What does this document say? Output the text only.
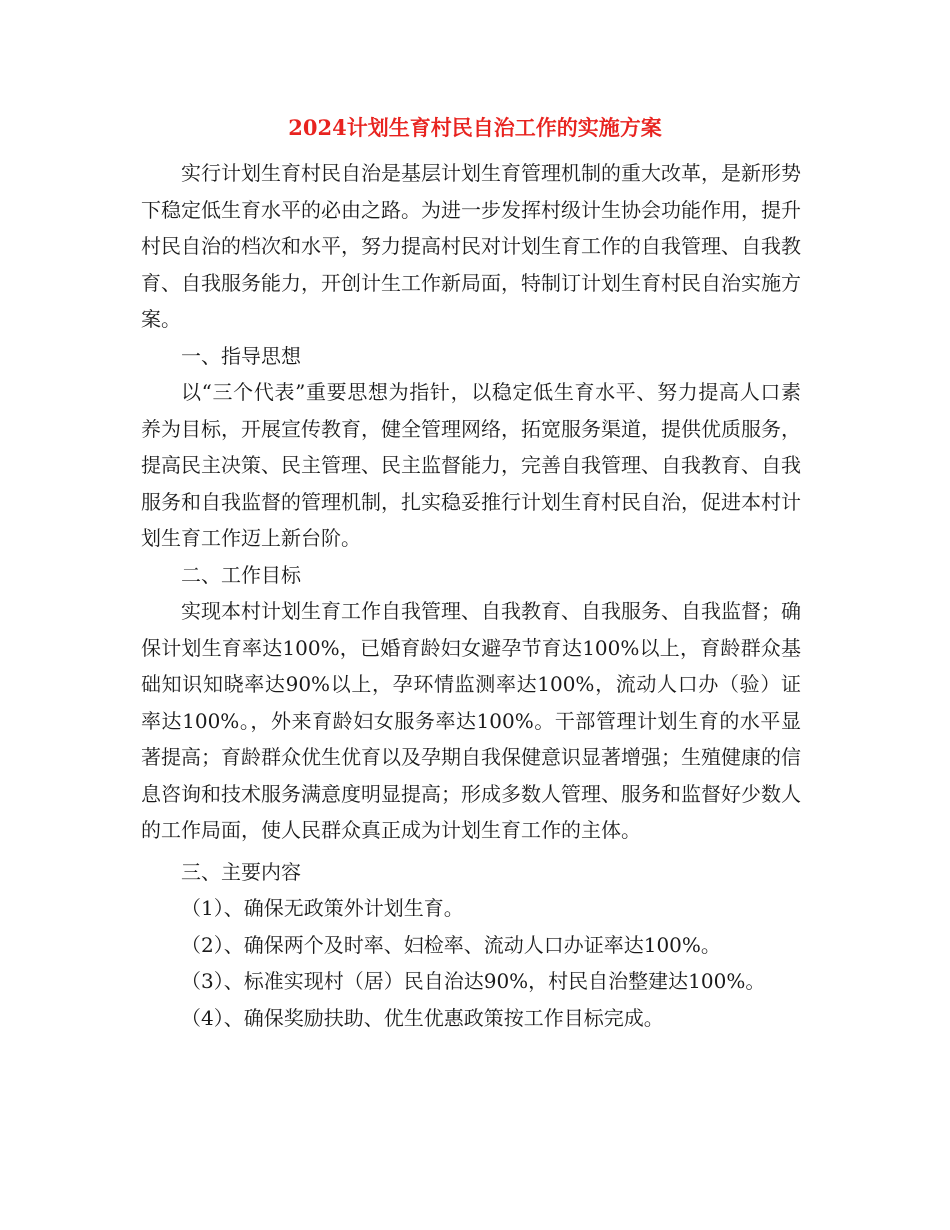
2024计划生育村民自治工作的实施方案

实行计划生育村民自治是基层计划生育管理机制的重大改革，是新形势下稳定低生育水平的必由之路。为进一步发挥村级计生协会功能作用，提升村民自治的档次和水平，努力提高村民对计划生育工作的自我管理、自我教育、自我服务能力，开创计生工作新局面，特制订计划生育村民自治实施方案。

一、指导思想

以“三个代表”重要思想为指针，以稳定低生育水平、努力提高人口素养为目标，开展宣传教育，健全管理网络，拓宽服务渠道，提供优质服务，提高民主决策、民主管理、民主监督能力，完善自我管理、自我教育、自我服务和自我监督的管理机制，扎实稳妥推行计划生育村民自治，促进本村计划生育工作迈上新台阶。

二、工作目标

实现本村计划生育工作自我管理、自我教育、自我服务、自我监督；确保计划生育率达100%，已婚育龄妇女避孕节育达100%以上，育龄群众基础知识知晓率达90%以上，孕环情监测率达100%，流动人口办（验）证率达100%。，外来育龄妇女服务率达100%。干部管理计划生育的水平显著提高；育龄群众优生优育以及孕期自我保健意识显著增强；生殖健康的信息咨询和技术服务满意度明显提高；形成多数人管理、服务和监督好少数人的工作局面，使人民群众真正成为计划生育工作的主体。

三、主要内容

（1）、确保无政策外计划生育。

（2）、确保两个及时率、妇检率、流动人口办证率达100%。

（3）、标准实现村（居）民自治达90%，村民自治整建达100%。

（4）、确保奖励扶助、优生优惠政策按工作目标完成。
